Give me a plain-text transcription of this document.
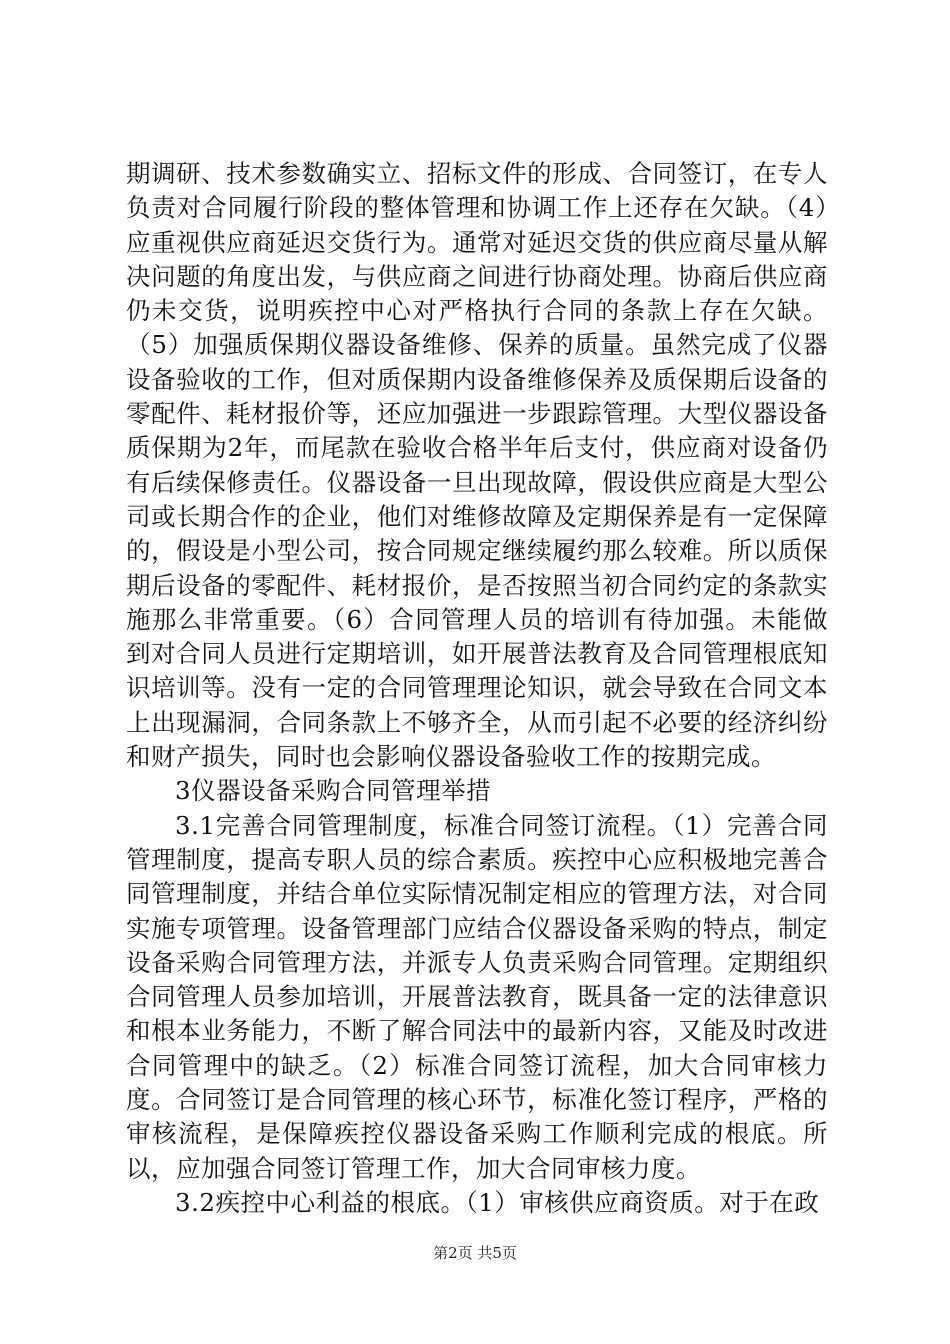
期调研、技术参数确实立、招标文件的形成、合同签订，在专人负责对合同履行阶段的整体管理和协调工作上还存在欠缺。（4）应重视供应商延迟交货行为。通常对延迟交货的供应商尽量从解决问题的角度出发，与供应商之间进行协商处理。协商后供应商仍未交货，说明疾控中心对严格执行合同的条款上存在欠缺。（5）加强质保期仪器设备维修、保养的质量。虽然完成了仪器设备验收的工作，但对质保期内设备维修保养及质保期后设备的零配件、耗材报价等，还应加强进一步跟踪管理。大型仪器设备质保期为2年，而尾款在验收合格半年后支付，供应商对设备仍有后续保修责任。仪器设备一旦出现故障，假设供应商是大型公司或长期合作的企业，他们对维修故障及定期保养是有一定保障的，假设是小型公司，按合同规定继续履约那么较难。所以质保期后设备的零配件、耗材报价，是否按照当初合同约定的条款实施那么非常重要。（6）合同管理人员的培训有待加强。未能做到对合同人员进行定期培训，如开展普法教育及合同管理根底知识培训等。没有一定的合同管理理论知识，就会导致在合同文本上出现漏洞，合同条款上不够齐全，从而引起不必要的经济纠纷和财产损失，同时也会影响仪器设备验收工作的按期完成。

3仪器设备采购合同管理举措

3.1完善合同管理制度，标准合同签订流程。（1）完善合同管理制度，提高专职人员的综合素质。疾控中心应积极地完善合同管理制度，并结合单位实际情况制定相应的管理方法，对合同实施专项管理。设备管理部门应结合仪器设备采购的特点，制定设备采购合同管理方法，并派专人负责采购合同管理。定期组织合同管理人员参加培训，开展普法教育，既具备一定的法律意识和根本业务能力，不断了解合同法中的最新内容，又能及时改进合同管理中的缺乏。（2）标准合同签订流程，加大合同审核力度。合同签订是合同管理的核心环节，标准化签订程序，严格的审核流程，是保障疾控仪器设备采购工作顺利完成的根底。所以，应加强合同签订管理工作，加大合同审核力度。

3.2疾控中心利益的根底。（1）审核供应商资质。对于在政

第2页 共5页
